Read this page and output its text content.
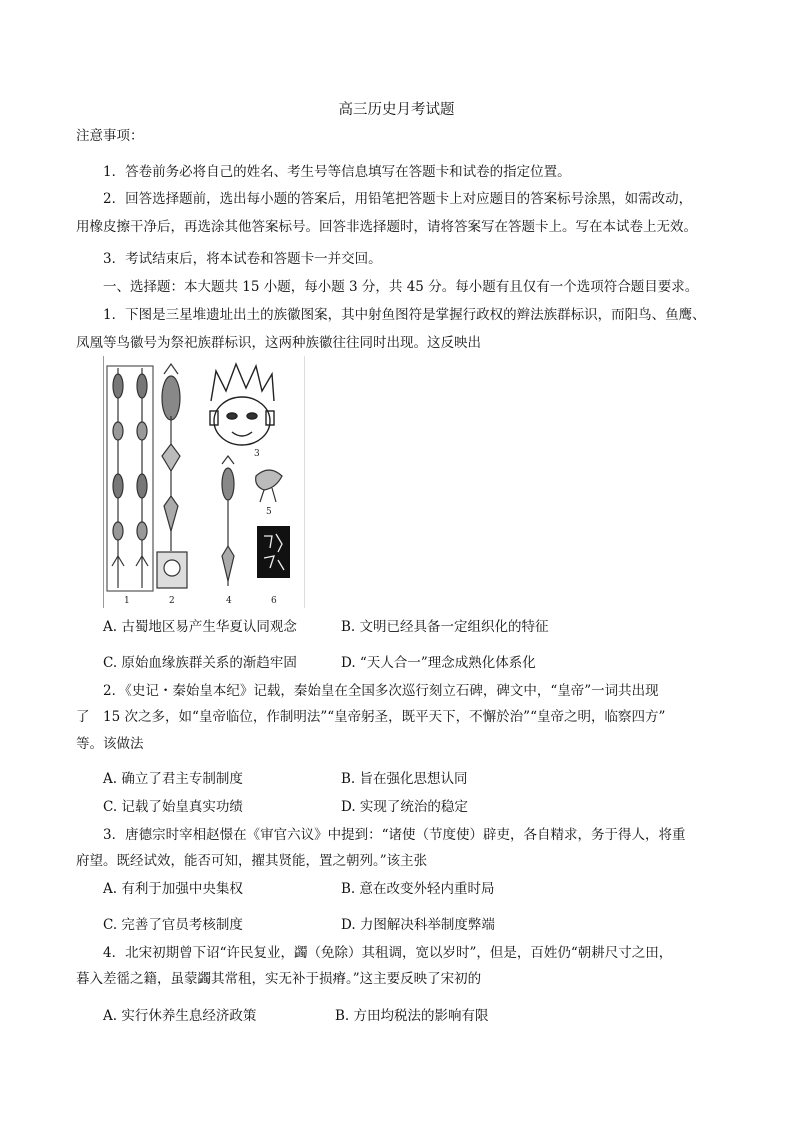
高三历史月考试题
注意事项：
1．答卷前务必将自己的姓名、考生号等信息填写在答题卡和试卷的指定位置。
2．回答选择题前，选出每小题的答案后，用铅笔把答题卡上对应题目的答案标号涂黑，如需改动，
用橡皮擦干净后，再选涂其他答案标号。回答非选择题时，请将答案写在答题卡上。写在本试卷上无效。
3．考试结束后，将本试卷和答题卡一并交回。
一、选择题：本大题共 15 小题，每小题 3 分，共 45 分。每小题有且仅有一个选项符合题目要求。
1．下图是三星堆遗址出土的族徽图案，其中射鱼图符是掌握行政权的辫法族群标识，而阳鸟、鱼鹰、
凤凰等鸟徽号为祭祀族群标识，这两种族徽往往同时出现。这反映出
1	2
3
4
5
6
A. 古蜀地区易产生华夏认同观念	B. 文明已经具备一定组织化的特征
C. 原始血缘族群关系的渐趋牢固	D. “天人合一”理念成熟化体系化
2．《史记・秦始皇本纪》记载，秦始皇在全国多次巡行刻立石碑，碑文中，“皇帝”一词共出现
了　15 次之多，如“皇帝临位，作制明法”“皇帝躬圣，既平天下，不懈於治”“皇帝之明，临察四方”
等。该做法
A. 确立了君主专制制度	B. 旨在强化思想认同
C. 记载了始皇真实功绩	D. 实现了统治的稳定
3．唐德宗时宰相赵憬在《审官六议》中提到：“诸使（节度使）辟吏，各自精求，务于得人，将重
府望。既经试效，能否可知，擢其贤能，置之朝列。”该主张
A. 有利于加强中央集权	B. 意在改变外轻内重时局
C. 完善了官员考核制度	D. 力图解决科举制度弊端
4．北宋初期曾下诏“许民复业，蠲（免除）其租调，宽以岁时”，但是，百姓仍“朝耕尺寸之田，
暮入差徭之籍，虽蒙蠲其常租，实无补于损瘠。”这主要反映了宋初的
A. 实行休养生息经济政策	B. 方田均税法的影响有限
